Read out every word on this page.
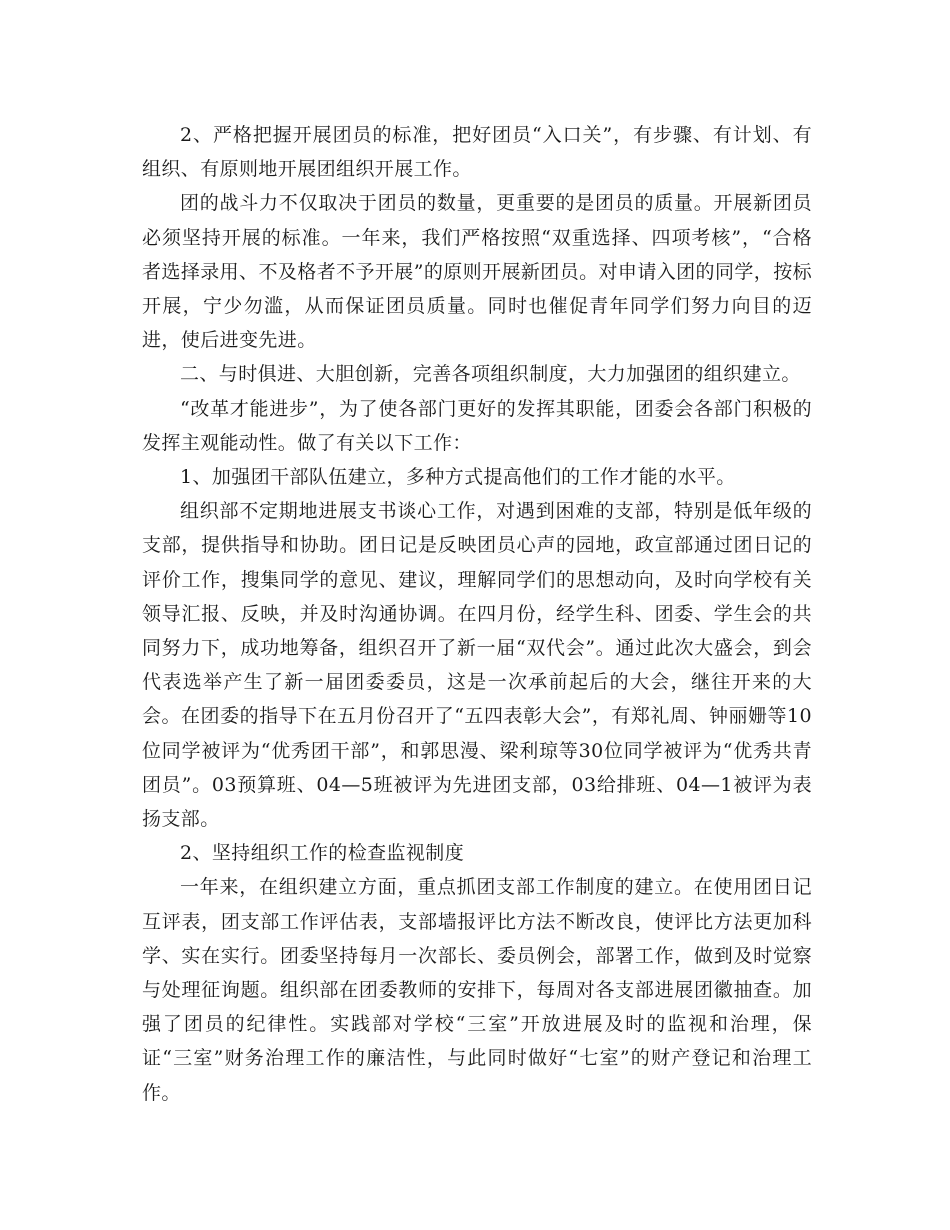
2、严格把握开展团员的标准，把好团员“入口关”，有步骤、有计划、有组织、有原则地开展团组织开展工作。

团的战斗力不仅取决于团员的数量，更重要的是团员的质量。开展新团员必须坚持开展的标准。一年来，我们严格按照“双重选择、四项考核”，“合格者选择录用、不及格者不予开展”的原则开展新团员。对申请入团的同学，按标开展，宁少勿滥，从而保证团员质量。同时也催促青年同学们努力向目的迈进，使后进变先进。

二、与时俱进、大胆创新，完善各项组织制度，大力加强团的组织建立。

“改革才能进步”，为了使各部门更好的发挥其职能，团委会各部门积极的发挥主观能动性。做了有关以下工作：

1、加强团干部队伍建立，多种方式提高他们的工作才能的水平。

组织部不定期地进展支书谈心工作，对遇到困难的支部，特别是低年级的支部，提供指导和协助。团日记是反映团员心声的园地，政宣部通过团日记的评价工作，搜集同学的意见、建议，理解同学们的思想动向，及时向学校有关领导汇报、反映，并及时沟通协调。在四月份，经学生科、团委、学生会的共同努力下，成功地筹备，组织召开了新一届“双代会”。通过此次大盛会，到会代表选举产生了新一届团委委员，这是一次承前起后的大会，继往开来的大会。在团委的指导下在五月份召开了“五四表彰大会”，有郑礼周、钟丽姗等10位同学被评为“优秀团干部”，和郭思漫、梁利琼等30位同学被评为“优秀共青团员”。03预算班、04—5班被评为先进团支部，03给排班、04—1被评为表扬支部。

2、坚持组织工作的检查监视制度

一年来，在组织建立方面，重点抓团支部工作制度的建立。在使用团日记互评表，团支部工作评估表，支部墙报评比方法不断改良，使评比方法更加科学、实在实行。团委坚持每月一次部长、委员例会，部署工作，做到及时觉察与处理征询题。组织部在团委教师的安排下，每周对各支部进展团徽抽查。加强了团员的纪律性。实践部对学校“三室”开放进展及时的监视和治理，保证“三室”财务治理工作的廉洁性，与此同时做好“七室”的财产登记和治理工作。
